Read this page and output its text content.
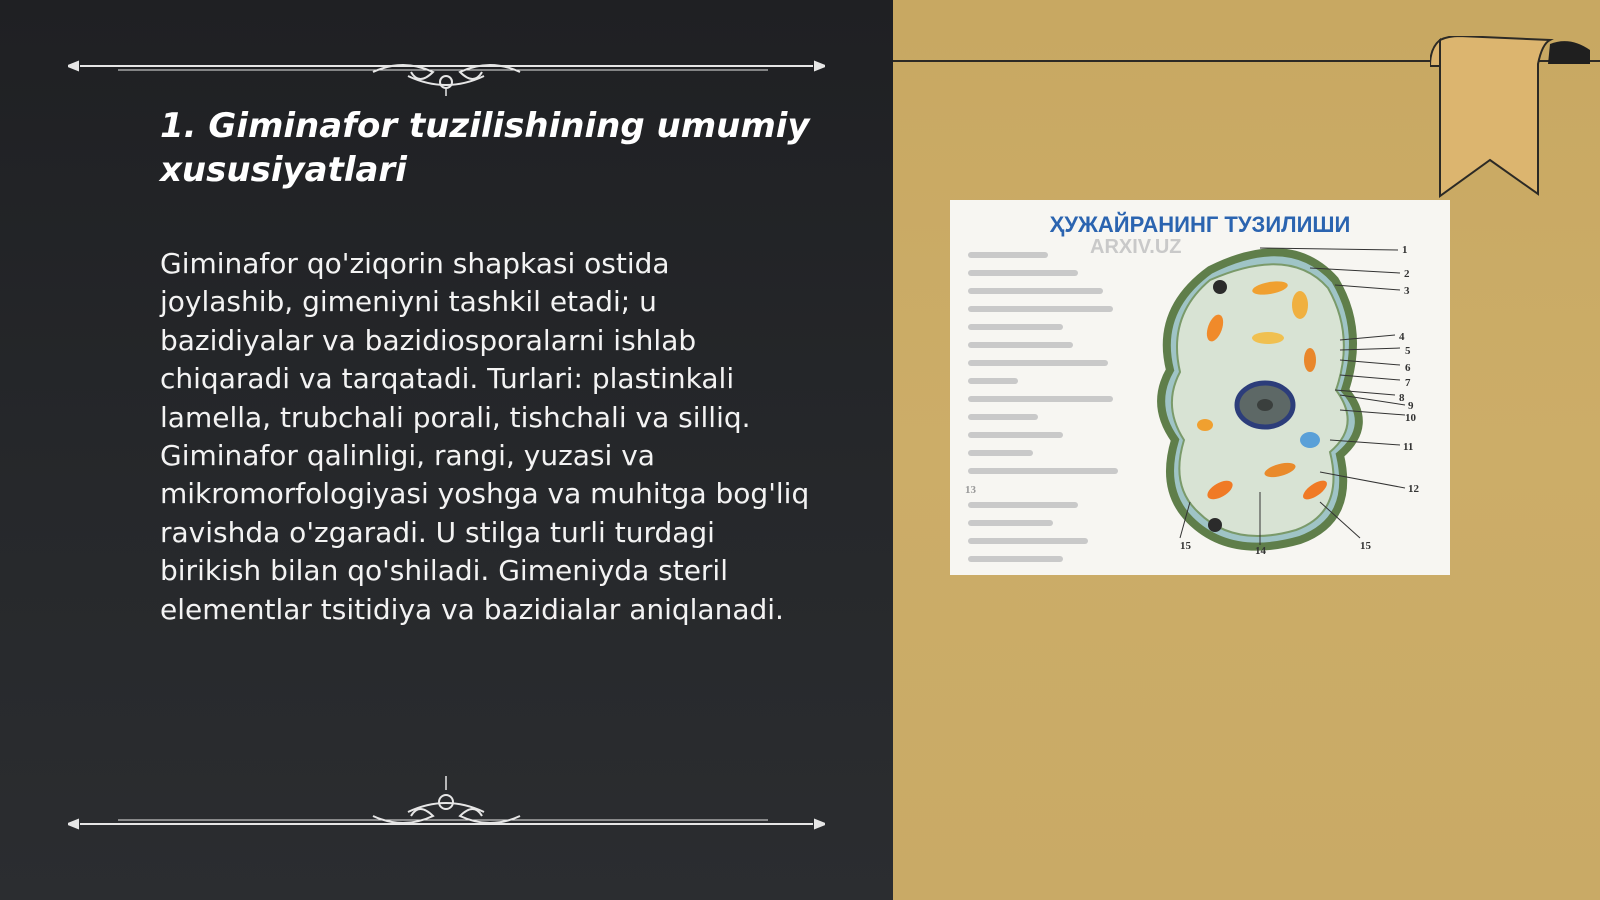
1. Giminafor tuzilishining umumiy xususiyatlari

Giminafor qo'ziqorin shapkasi ostida joylashib, gimeniyni tashkil etadi; u bazidiyalar va bazidiosporalarni ishlab chiqaradi va tarqatadi. Turlari: plastinkali lamella, trubchali porali, tishchali va silliq. Giminafor qalinligi, rangi, yuzasi va mikromorfologiyasi yoshga va muhitga bog'liq ravishda o'zgaradi. U stilga turli turdagi birikish bilan qo'shiladi. Gimeniyda steril elementlar tsitidiya va bazidialar aniqlanadi.

ҲУЖАЙРАНИНГ ТУЗИЛИШИ
ARXIV.UZ	1
2
3
4
5
6
7
8
9
10
11
12
15
14
15
13
